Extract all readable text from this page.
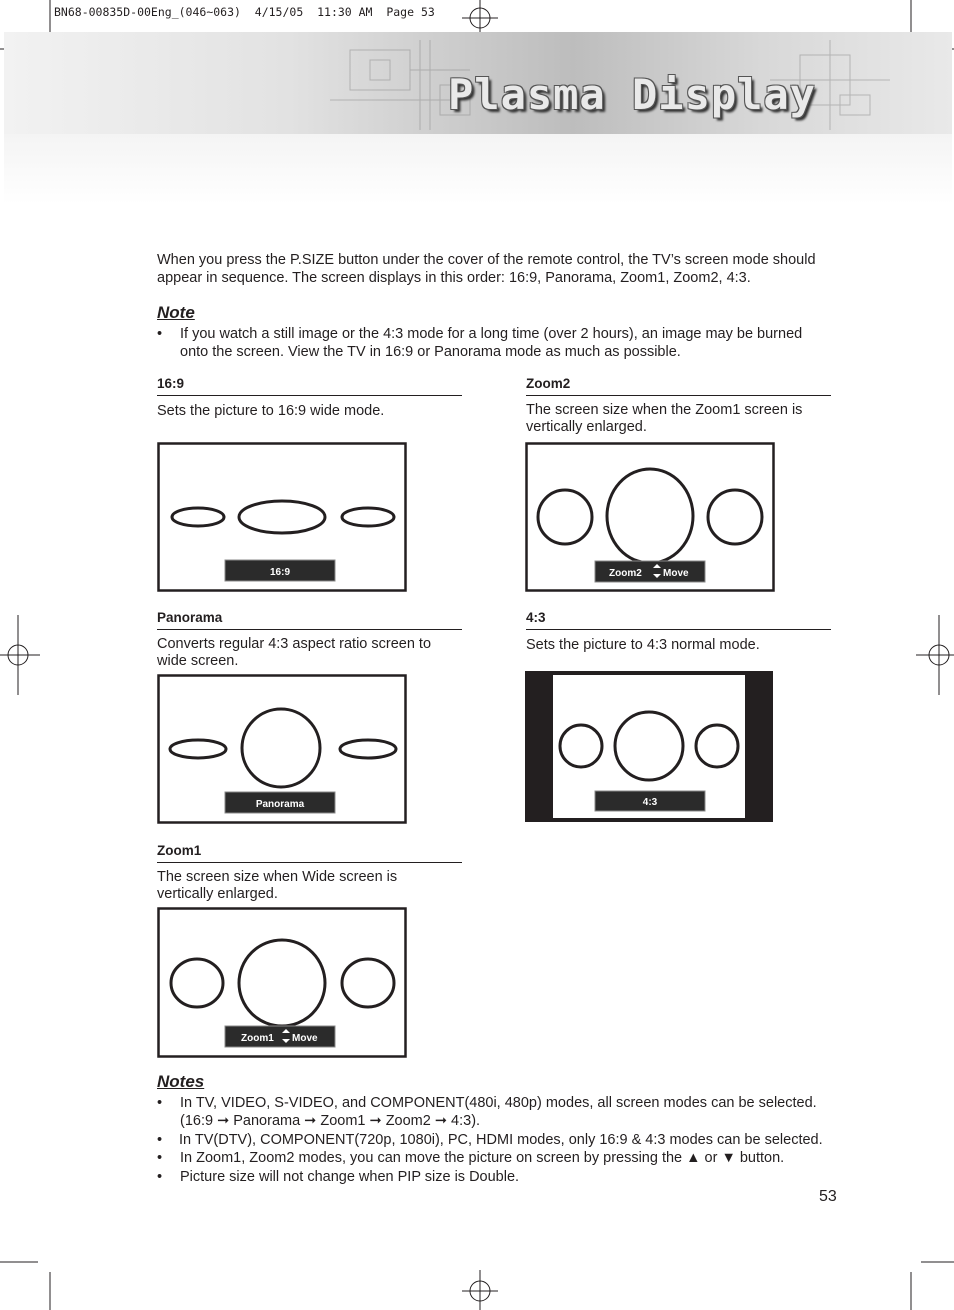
BN68-00835D-00Eng_(046~063)  4/15/05  11:30 AM  Page 53
Plasma Display
When you press the P.SIZE button under the cover of the remote control, the TV’s screen mode should
appear in sequence. The screen displays in this order: 16:9, Panorama, Zoom1, Zoom2, 4:3.
Note
•	If you watch a still image or the 4:3 mode for a long time (over 2 hours), an image may be burned
onto the screen. View the TV in 16:9 or Panorama mode as much as possible.
16:9
Sets the picture to 16:9 wide mode.
16:9
Zoom2
The screen size when the Zoom1 screen is
vertically enlarged.
Zoom2 Move
Panorama
Converts regular 4:3 aspect ratio screen to
wide screen.
Panorama
4:3
Sets the picture to 4:3 normal mode.
4:3
Zoom1
The screen size when Wide screen is
vertically enlarged.
Zoom1 Move
Notes
•	In TV, VIDEO, S-VIDEO, and COMPONENT(480i, 480p) modes, all screen modes can be selected.
(16:9 ➞ Panorama ➞ Zoom1 ➞ Zoom2 ➞ 4:3).
•	In TV(DTV), COMPONENT(720p, 1080i), PC, HDMI modes, only 16:9 & 4:3 modes can be selected.
•	In Zoom1, Zoom2 modes, you can move the picture on screen by pressing the ▲ or ▼ button.
•	Picture size will not change when PIP size is Double.
53
